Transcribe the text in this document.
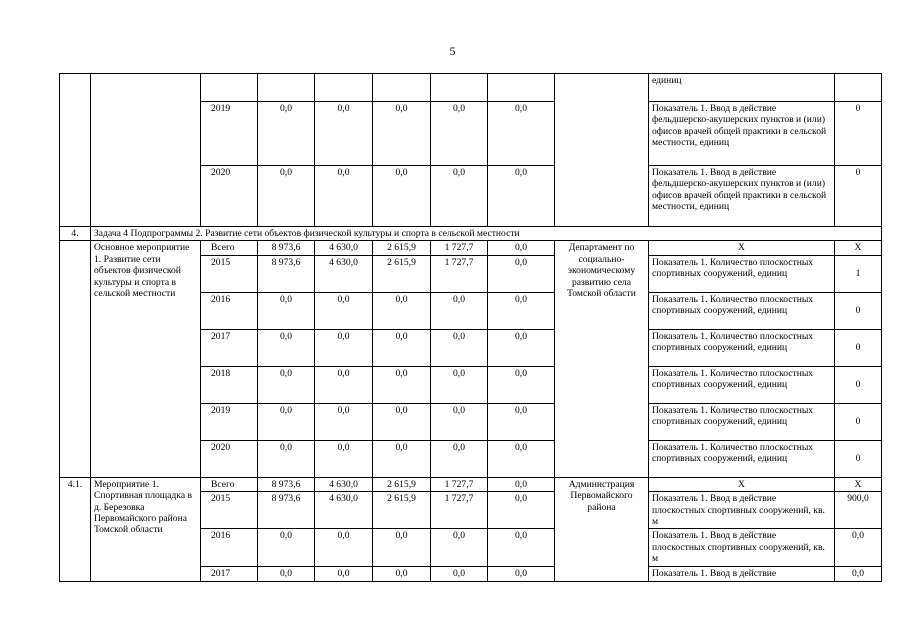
5
									единиц	
		2019	0,0	0,0	0,0	0,0	0,0		Показатель 1. Ввод в действие фельдшерско-акушерских пунктов и (или) офисов врачей общей практики в сельской местности, единиц	0
		2020	0,0	0,0	0,0	0,0	0,0		Показатель 1. Ввод в действие фельдшерско-акушерских пунктов и (или) офисов врачей общей практики в сельской местности, единиц	0
4.	Задача 4 Подпрограммы 2. Развитие сети объектов физической культуры и спорта в сельской местности									
	Основное мероприятие 1. Развитие сети объектов физической культуры и спорта в сельской местности	Всего	8 973,6	4 630,0	2 615,9	1 727,7	0,0	Департамент по социально-экономическому развитию села Томской области	Х	Х
		2015	8 973,6	4 630,0	2 615,9	1 727,7	0,0		Показатель 1. Количество плоскостных спортивных сооружений, единиц	1
		2016	0,0	0,0	0,0	0,0	0,0		Показатель 1. Количество плоскостных спортивных сооружений, единиц	0
		2017	0,0	0,0	0,0	0,0	0,0		Показатель 1. Количество плоскостных спортивных сооружений, единиц	0
		2018	0,0	0,0	0,0	0,0	0,0		Показатель 1. Количество плоскостных спортивных сооружений, единиц	0
		2019	0,0	0,0	0,0	0,0	0,0		Показатель 1. Количество плоскостных спортивных сооружений, единиц	0
		2020	0,0	0,0	0,0	0,0	0,0		Показатель 1. Количество плоскостных спортивных сооружений, единиц	0
4.1.	Мероприятие 1. Спортивная площадка в д. Березовка Первомайского района Томской области	Всего	8 973,6	4 630,0	2 615,9	1 727,7	0,0	Администрация Первомайского района	Х	Х
		2015	8 973,6	4 630,0	2 615,9	1 727,7	0,0		Показатель 1. Ввод в действие плоскостных спортивных сооружений, кв. м	900,0
		2016	0,0	0,0	0,0	0,0	0,0		Показатель 1. Ввод в действие плоскостных спортивных сооружений, кв. м	0,0
		2017	0,0	0,0	0,0	0,0	0,0		Показатель 1. Ввод в действие	0,0
